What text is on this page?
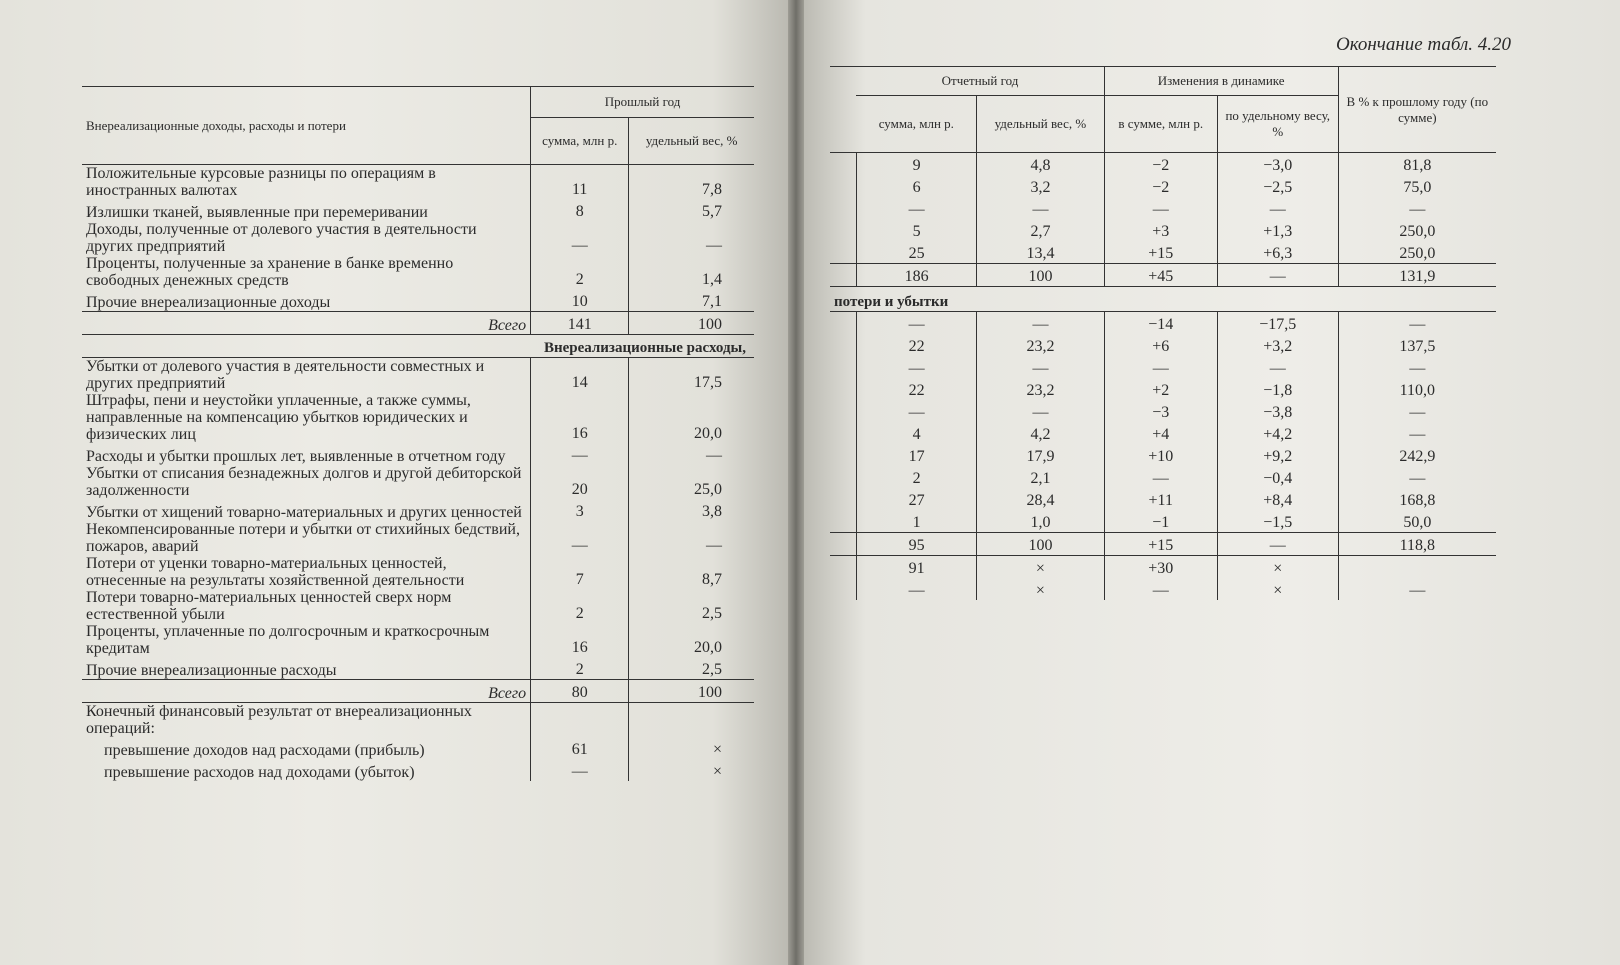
Окончание табл. 4.20
Внереализационные доходы, расходы и потери	Прошлый год	
	сумма, млн р.	удельный вес, %
Положительные курсовые разницы по операциям в иностранных валютах	11	7,8
Излишки тканей, выявленные при перемеривании	8	5,7
Доходы, полученные от долевого участия в деятельности других предприятий	—	—
Проценты, полученные за хранение в банке временно свободных денежных средств	2	1,4
Прочие внереализационные доходы	10	7,1
Всего	141	100
Внереализационные расходы,		
Убытки от долевого участия в деятельности совместных и других предприятий	14	17,5
Штрафы, пени и неустойки уплаченные, а также суммы, направленные на компенсацию убытков юридических и физических лиц	16	20,0
Расходы и убытки прошлых лет, выявленные в отчетном году	—	—
Убытки от списания безнадежных долгов и другой дебиторской задолженности	20	25,0
Убытки от хищений товарно-материальных и других ценностей	3	3,8
Некомпенсированные потери и убытки от стихийных бедствий, пожаров, аварий	—	—
Потери от уценки товарно-материальных ценностей, отнесенные на результаты хозяйственной деятельности	7	8,7
Потери товарно-материальных ценностей сверх норм естественной убыли	2	2,5
Проценты, уплаченные по долгосрочным и краткосрочным кредитам	16	20,0
Прочие внереализационные расходы	2	2,5
Всего	80	100
Конечный финансовый результат от внереализационных операций:		
превышение доходов над расходами (прибыль)	61	×
превышение расходов над доходами (убыток)	—	×
	Отчетный год		Изменения в динамике		В % к прошлому году (по сумме)
	сумма, млн р.	удельный вес, %	в сумме, млн р.	по удельному весу, %	
	9	4,8	−2	−3,0	81,8
	6	3,2	−2	−2,5	75,0
	—	—	—	—	—
	5	2,7	+3	+1,3	250,0
	25	13,4	+15	+6,3	250,0
	186	100	+45	—	131,9
потери и убытки					
	—	—	−14	−17,5	—
	22	23,2	+6	+3,2	137,5
	—	—	—	—	—
	22	23,2	+2	−1,8	110,0
	—	—	−3	−3,8	—
	4	4,2	+4	+4,2	—
	17	17,9	+10	+9,2	242,9
	2	2,1	—	−0,4	—
	27	28,4	+11	+8,4	168,8
	1	1,0	−1	−1,5	50,0
	95	100	+15	—	118,8
	91	×	+30	×	
	—	×	—	×	—
